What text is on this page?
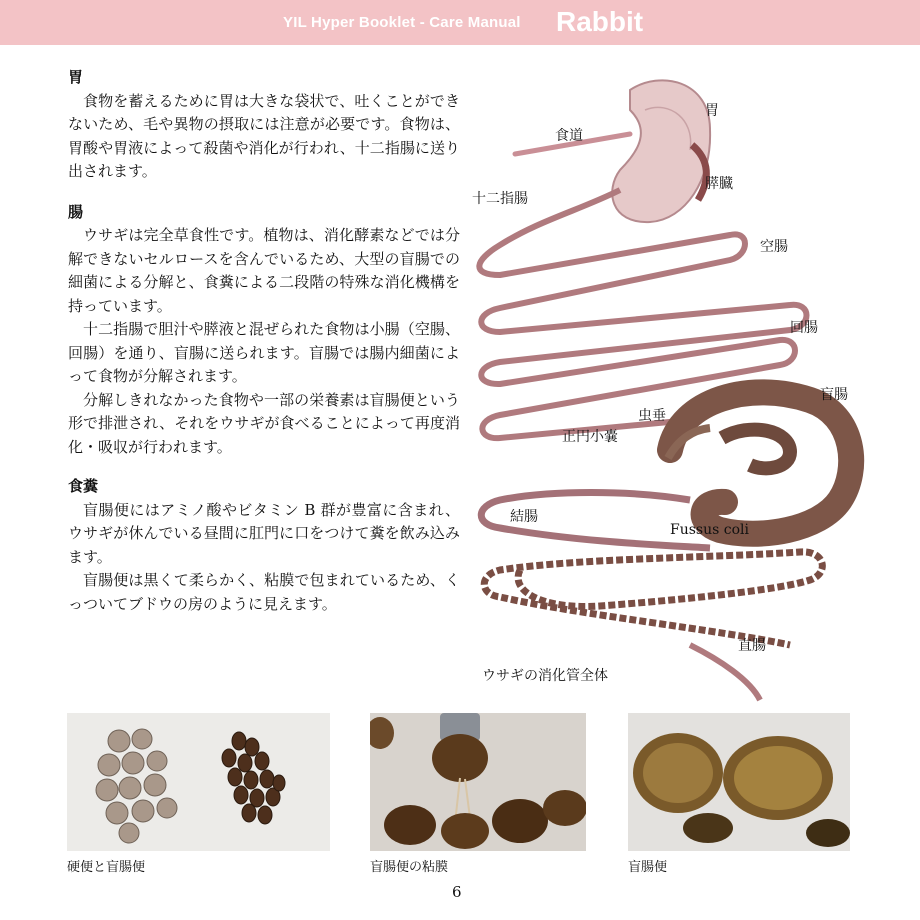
YIL Hyper Booklet - Care Manual Rabbit

胃

食物を蓄えるために胃は大きな袋状で、吐くことができないため、毛や異物の摂取には注意が必要です。食物は、胃酸や胃液によって殺菌や消化が行われ、十二指腸に送り出されます。

腸

ウサギは完全草食性です。植物は、消化酵素などでは分解できないセルロースを含んでいるため、大型の盲腸での細菌による分解と、食糞による二段階の特殊な消化機構を持っています。

十二指腸で胆汁や膵液と混ぜられた食物は小腸（空腸、回腸）を通り、盲腸に送られます。盲腸では腸内細菌によって食物が分解されます。

分解しきれなかった食物や一部の栄養素は盲腸便という形で排泄され、それをウサギが食べることによって再度消化・吸収が行われます。

食糞

盲腸便にはアミノ酸やビタミン B 群が豊富に含まれ、ウサギが休んでいる昼間に肛門に口をつけて糞を飲み込みます。

盲腸便は黒くて柔らかく、粘膜で包まれているため、くっついてブドウの房のように見えます。

胃
食道
膵臓
十二指腸
空腸
回腸
盲腸
虫垂
正円小嚢
結腸
Fussus coli
直腸
ウサギの消化管全体
硬便と盲腸便	盲腸便の粘膜	盲腸便
6
